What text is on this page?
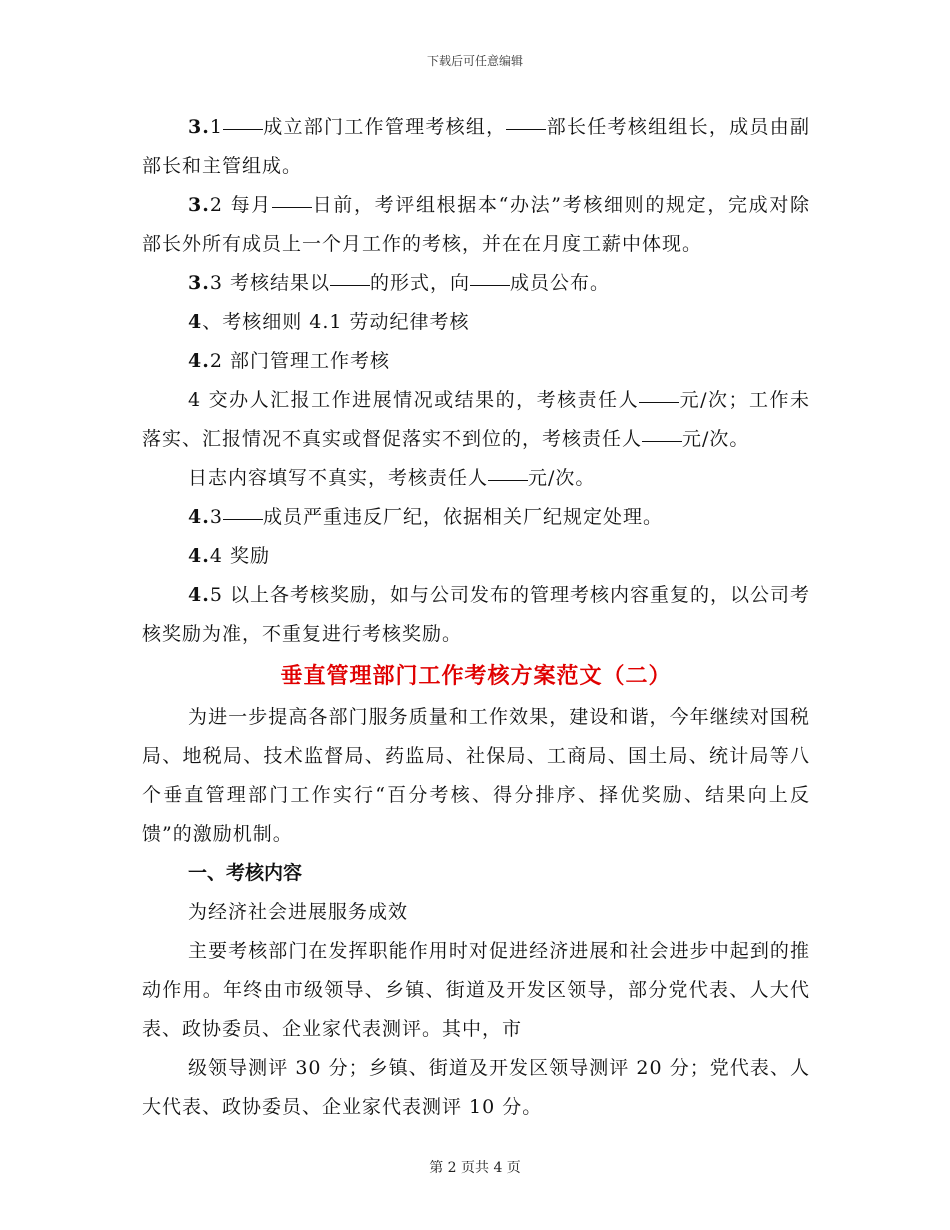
下载后可任意编辑

3.1 成立部门工作管理考核组， 部长任考核组组长，成员由副部长和主管组成。

3.2 每月 日前，考评组根据本“办法”考核细则的规定，完成对除部长外所有成员上一个月工作的考核，并在在月度工薪中体现。

3.3 考核结果以 的形式，向 成员公布。

4、考核细则 4.1 劳动纪律考核

4.2 部门管理工作考核

4 交办人汇报工作进展情况或结果的，考核责任人 元/次；工作未落实、汇报情况不真实或督促落实不到位的，考核责任人 元/次。

日志内容填写不真实，考核责任人 元/次。

4.3 成员严重违反厂纪，依据相关厂纪规定处理。

4.4 奖励

4.5 以上各考核奖励，如与公司发布的管理考核内容重复的，以公司考核奖励为准，不重复进行考核奖励。

垂直管理部门工作考核方案范文（二）

为进一步提高各部门服务质量和工作效果，建设和谐，今年继续对国税局、地税局、技术监督局、药监局、社保局、工商局、国土局、统计局等八个垂直管理部门工作实行“百分考核、得分排序、择优奖励、结果向上反馈”的激励机制。

一、考核内容

为经济社会进展服务成效

主要考核部门在发挥职能作用时对促进经济进展和社会进步中起到的推动作用。年终由市级领导、乡镇、街道及开发区领导，部分党代表、人大代表、政协委员、企业家代表测评。其中，市

级领导测评 30 分；乡镇、街道及开发区领导测评 20 分；党代表、人大代表、政协委员、企业家代表测评 10 分。

第 2 页共 4 页
